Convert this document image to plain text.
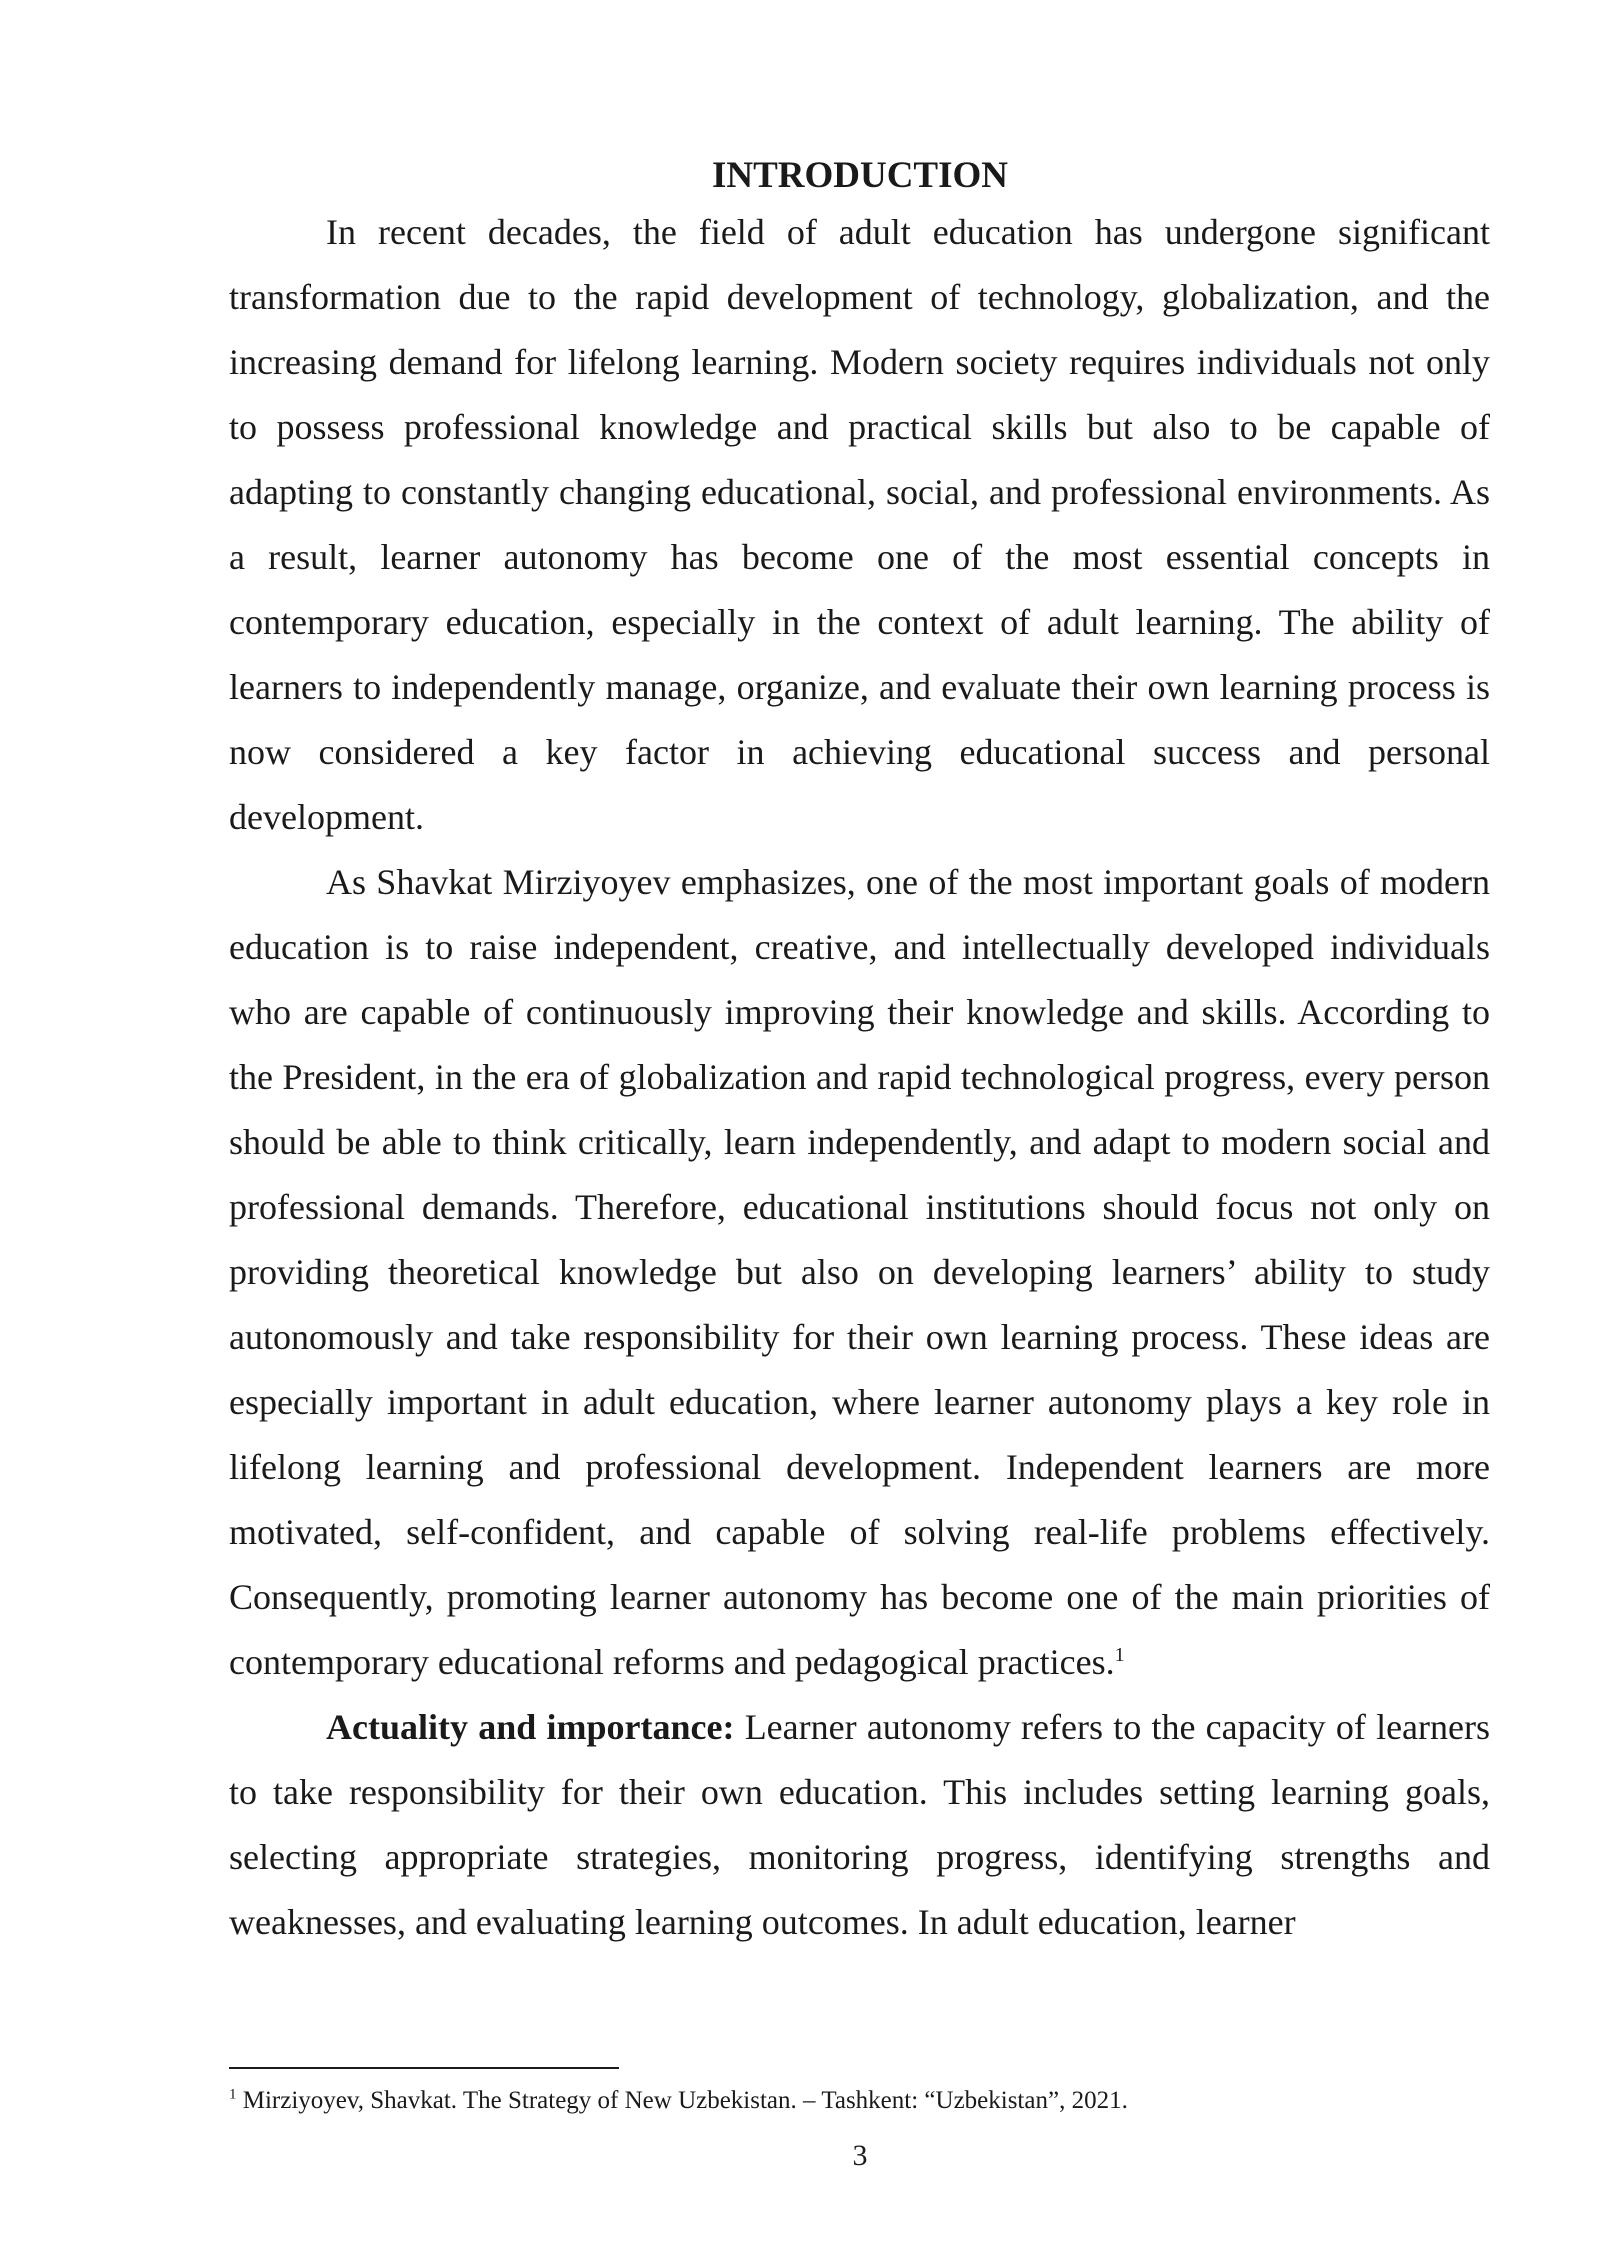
INTRODUCTION

In recent decades, the field of adult education has undergone significant transformation due to the rapid development of technology, globalization, and the increasing demand for lifelong learning. Modern society requires individuals not only to possess professional knowledge and practical skills but also to be capable of adapting to constantly changing educational, social, and professional environments. As a result, learner autonomy has become one of the most essential concepts in contemporary education, especially in the context of adult learning. The ability of learners to independently manage, organize, and evaluate their own learning process is now considered a key factor in achieving educational success and personal development.

As Shavkat Mirziyoyev emphasizes, one of the most important goals of modern education is to raise independent, creative, and intellectually developed individuals who are capable of continuously improving their knowledge and skills. According to the President, in the era of globalization and rapid technological progress, every person should be able to think critically, learn independently, and adapt to modern social and professional demands. Therefore, educational institutions should focus not only on providing theoretical knowledge but also on developing learners’ ability to study autonomously and take responsibility for their own learning process. These ideas are especially important in adult education, where learner autonomy plays a key role in lifelong learning and professional development. Independent learners are more motivated, self-confident, and capable of solving real-life problems effectively. Consequently, promoting learner autonomy has become one of the main priorities of contemporary educational reforms and pedagogical practices.$^1$

Actuality and importance: Learner autonomy refers to the capacity of learners to take responsibility for their own education. This includes setting learning goals, selecting appropriate strategies, monitoring progress, identifying strengths and weaknesses, and evaluating learning outcomes. In adult education, learner

$^1$ Mirziyoyev, Shavkat. The Strategy of New Uzbekistan. – Tashkent: “Uzbekistan”, 2021.

3
